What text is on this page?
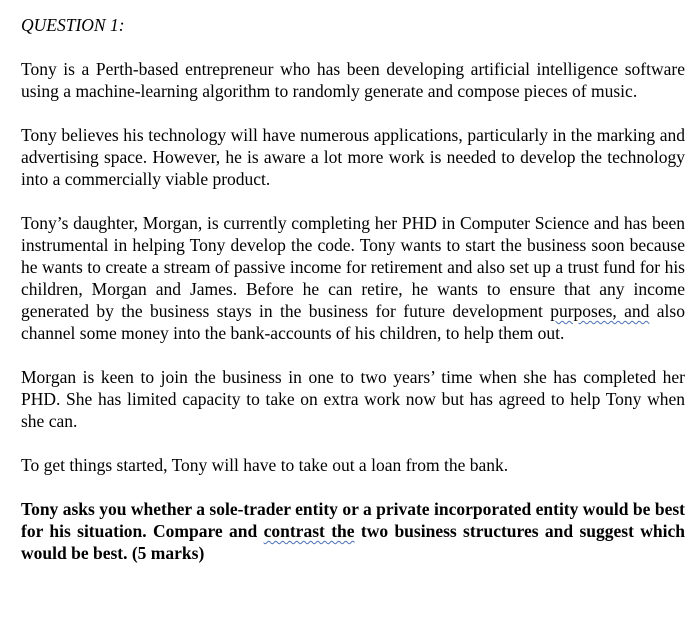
QUESTION 1:

Tony is a Perth-based entrepreneur who has been developing artificial intelligence software using a machine-learning algorithm to randomly generate and compose pieces of music.

Tony believes his technology will have numerous applications, particularly in the marking and advertising space. However, he is aware a lot more work is needed to develop the technology into a commercially viable product.

Tony’s daughter, Morgan, is currently completing her PHD in Computer Science and has been instrumental in helping Tony develop the code. Tony wants to start the business soon because he wants to create a stream of passive income for retirement and also set up a trust fund for his children, Morgan and James. Before he can retire, he wants to ensure that any income generated by the business stays in the business for future development purposes, and also channel some money into the bank-accounts of his children, to help them out.

Morgan is keen to join the business in one to two years’ time when she has completed her PHD. She has limited capacity to take on extra work now but has agreed to help Tony when she can.

To get things started, Tony will have to take out a loan from the bank.

Tony asks you whether a sole-trader entity or a private incorporated entity would be best for his situation. Compare and contrast the two business structures and suggest which would be best. (5 marks)
